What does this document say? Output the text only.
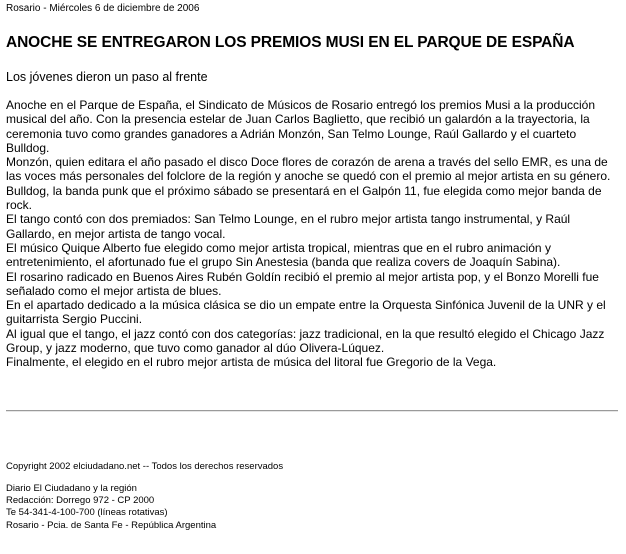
Rosario - Miércoles 6 de diciembre de 2006
ANOCHE SE ENTREGARON LOS PREMIOS MUSI EN EL PARQUE DE ESPAÑA
Los jóvenes dieron un paso al frente

Anoche en el Parque de España, el Sindicato de Músicos de Rosario entregó los premios Musi a la producción musical del año. Con la presencia estelar de Juan Carlos Baglietto, que recibió un galardón a la trayectoria, la ceremonia tuvo como grandes ganadores a Adrián Monzón, San Telmo Lounge, Raúl Gallardo y el cuarteto Bulldog.

Monzón, quien editara el año pasado el disco Doce flores de corazón de arena a través del sello EMR, es una de las voces más personales del folclore de la región y anoche se quedó con el premio al mejor artista en su género.

Bulldog, la banda punk que el próximo sábado se presentará en el Galpón 11, fue elegida como mejor banda de rock.

El tango contó con dos premiados: San Telmo Lounge, en el rubro mejor artista tango instrumental, y Raúl Gallardo, en mejor artista de tango vocal.

El músico Quique Alberto fue elegido como mejor artista tropical, mientras que en el rubro animación y entretenimiento, el afortunado fue el grupo Sin Anestesia (banda que realiza covers de Joaquín Sabina).

El rosarino radicado en Buenos Aires Rubén Goldín recibió el premio al mejor artista pop, y el Bonzo Morelli fue señalado como el mejor artista de blues.

En el apartado dedicado a la música clásica se dio un empate entre la Orquesta Sinfónica Juvenil de la UNR y el guitarrista Sergio Puccini.

Al igual que el tango, el jazz contó con dos categorías: jazz tradicional, en la que resultó elegido el Chicago Jazz Group, y jazz moderno, que tuvo como ganador al dúo Olivera-Lúquez.

Finalmente, el elegido en el rubro mejor artista de música del litoral fue Gregorio de la Vega.

Copyright 2002 elciudadano.net -- Todos los derechos reservados
Diario El Ciudadano y la región
Redacción: Dorrego 972 - CP 2000
Te 54-341-4-100-700 (líneas rotativas)
Rosario - Pcia. de Santa Fe - República Argentina
